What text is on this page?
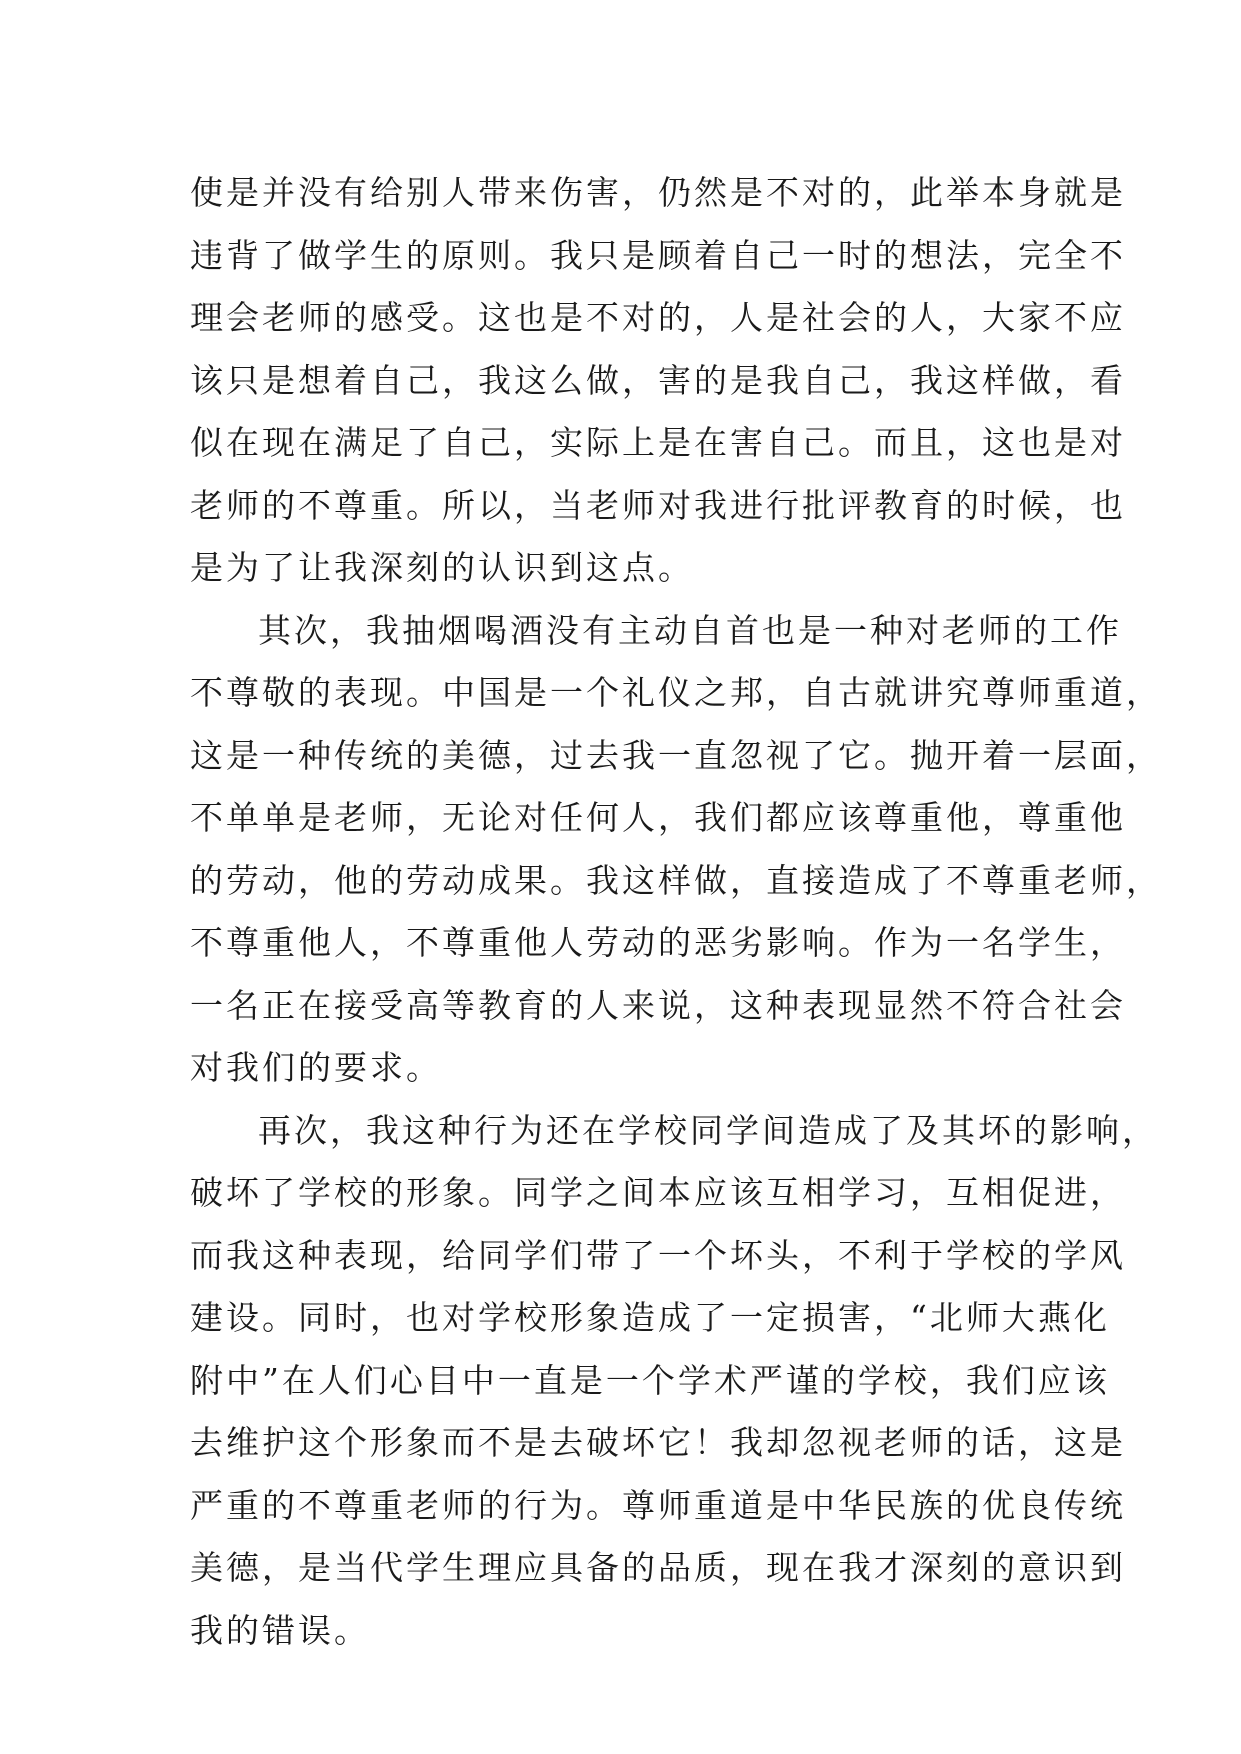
使是并没有给别人带来伤害，仍然是不对的，此举本身就是
违背了做学生的原则。我只是顾着自己一时的想法，完全不
理会老师的感受。这也是不对的，人是社会的人，大家不应
该只是想着自己，我这么做，害的是我自己，我这样做，看
似在现在满足了自己，实际上是在害自己。而且，这也是对
老师的不尊重。所以，当老师对我进行批评教育的时候，也
是为了让我深刻的认识到这点。
其次，我抽烟喝酒没有主动自首也是一种对老师的工作
不尊敬的表现。中国是一个礼仪之邦，自古就讲究尊师重道，
这是一种传统的美德，过去我一直忽视了它。抛开着一层面，
不单单是老师，无论对任何人，我们都应该尊重他，尊重他
的劳动，他的劳动成果。我这样做，直接造成了不尊重老师，
不尊重他人，不尊重他人劳动的恶劣影响。作为一名学生，
一名正在接受高等教育的人来说，这种表现显然不符合社会
对我们的要求。
再次，我这种行为还在学校同学间造成了及其坏的影响，
破坏了学校的形象。同学之间本应该互相学习，互相促进，
而我这种表现，给同学们带了一个坏头，不利于学校的学风
建设。同时，也对学校形象造成了一定损害，“北师大燕化
附中”在人们心目中一直是一个学术严谨的学校，我们应该
去维护这个形象而不是去破坏它！我却忽视老师的话，这是
严重的不尊重老师的行为。尊师重道是中华民族的优良传统
美德，是当代学生理应具备的品质，现在我才深刻的意识到
我的错误。
